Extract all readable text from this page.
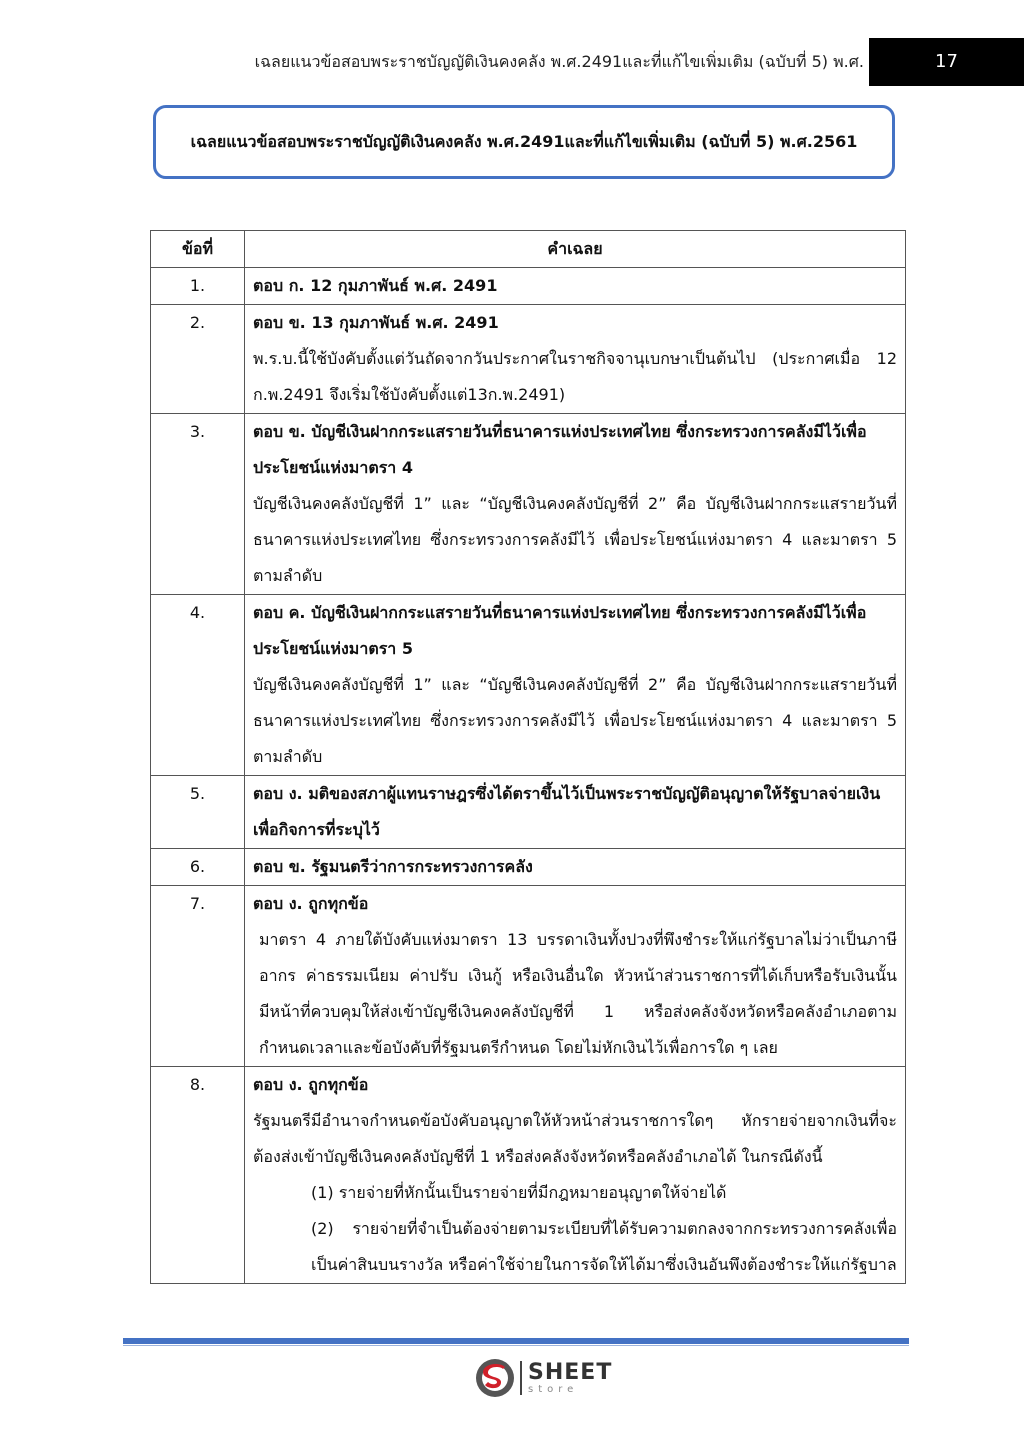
เฉลยแนวข้อสอบพระราชบัญญัติเงินคงคลัง พ.ศ.2491และที่แก้ไขเพิ่มเติม (ฉบับที่ 5) พ.ศ.	17
เฉลยแนวข้อสอบพระราชบัญญัติเงินคงคลัง พ.ศ.2491และที่แก้ไขเพิ่มเติม (ฉบับที่ 5) พ.ศ.2561
ข้อที่	คำเฉลย
1.	ตอบ ก. 12 กุมภาพันธ์ พ.ศ. 2491

2.	ตอบ ข. 13 กุมภาพันธ์ พ.ศ. 2491
พ.ร.บ.นี้ใช้บังคับตั้งแต่วันถัดจากวันประกาศในราชกิจจานุเบกษาเป็นต้นไป (ประกาศเมื่อ 12 ก.พ.2491 จึงเริ่มใช้บังคับตั้งแต่13ก.พ.2491)

3.	ตอบ ข. บัญชีเงินฝากกระแสรายวันที่ธนาคารแห่งประเทศไทย ซึ่งกระทรวงการคลังมีไว้เพื่อประโยชน์แห่งมาตรา 4
บัญชีเงินคงคลังบัญชีที่ 1” และ “บัญชีเงินคงคลังบัญชีที่ 2” คือ บัญชีเงินฝากกระแสรายวันที่ธนาคารแห่งประเทศไทย ซึ่งกระทรวงการคลังมีไว้ เพื่อประโยชน์แห่งมาตรา 4 และมาตรา 5 ตามลำดับ

4.	ตอบ ค. บัญชีเงินฝากกระแสรายวันที่ธนาคารแห่งประเทศไทย ซึ่งกระทรวงการคลังมีไว้เพื่อประโยชน์แห่งมาตรา 5
บัญชีเงินคงคลังบัญชีที่ 1” และ “บัญชีเงินคงคลังบัญชีที่ 2” คือ บัญชีเงินฝากกระแสรายวันที่ธนาคารแห่งประเทศไทย ซึ่งกระทรวงการคลังมีไว้ เพื่อประโยชน์แห่งมาตรา 4 และมาตรา 5 ตามลำดับ

5.	ตอบ ง. มติของสภาผู้แทนราษฎรซึ่งได้ตราขึ้นไว้เป็นพระราชบัญญัติอนุญาตให้รัฐบาลจ่ายเงินเพื่อกิจการที่ระบุไว้

6.	ตอบ ข. รัฐมนตรีว่าการกระทรวงการคลัง

7.	ตอบ ง. ถูกทุกข้อ
มาตรา 4 ภายใต้บังคับแห่งมาตรา 13 บรรดาเงินทั้งปวงที่พึงชำระให้แก่รัฐบาลไม่ว่าเป็นภาษีอากร ค่าธรรมเนียม ค่าปรับ เงินกู้ หรือเงินอื่นใด หัวหน้าส่วนราชการที่ได้เก็บหรือรับเงินนั้นมีหน้าที่ควบคุมให้ส่งเข้าบัญชีเงินคงคลังบัญชีที่ 1 หรือส่งคลังจังหวัดหรือคลังอำเภอตามกำหนดเวลาและข้อบังคับที่รัฐมนตรีกำหนด โดยไม่หักเงินไว้เพื่อการใด ๆ เลย

8.	ตอบ ง. ถูกทุกข้อ
รัฐมนตรีมีอำนาจกำหนดข้อบังคับอนุญาตให้หัวหน้าส่วนราชการใดๆ หักรายจ่ายจากเงินที่จะต้องส่งเข้าบัญชีเงินคงคลังบัญชีที่ 1 หรือส่งคลังจังหวัดหรือคลังอำเภอได้ ในกรณีดังนี้
(1) รายจ่ายที่หักนั้นเป็นรายจ่ายที่มีกฎหมายอนุญาตให้จ่ายได้
(2) รายจ่ายที่จำเป็นต้องจ่ายตามระเบียบที่ได้รับความตกลงจากกระทรวงการคลังเพื่อเป็นค่าสินบนรางวัล หรือค่าใช้จ่ายในการจัดให้ได้มาซึ่งเงินอันพึงต้องชำระให้แก่รัฐบาล
SHEET
store
